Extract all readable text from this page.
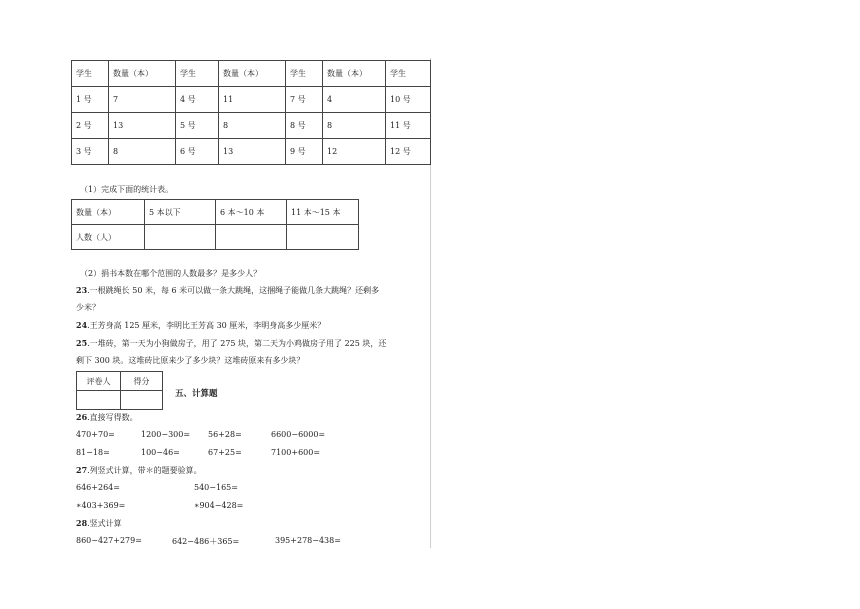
学生	数量（本）	学生	数量（本）	学生	数量（本）	学生
1 号	7	4 号	11	7 号	4	10 号
2 号	13	5 号	8	8 号	8	11 号
3 号	8	6 号	13	9 号	12	12 号
（1）完成下面的统计表。
数量（本）	5 本以下	6 本～10 本	11 本～15 本
人数（人）			
（2）捐书本数在哪个范围的人数最多？是多少人？
23.一根跳绳长 50 米，每 6 米可以做一条大跳绳，这捆绳子能做几条大跳绳？还剩多
少米？
24.王芳身高 125 厘米，李明比王芳高 30 厘米，李明身高多少厘米？
25.一堆砖，第一天为小狗做房子，用了 275 块，第二天为小鸡做房子用了 225 块，还
剩下 300 块。这堆砖比原来少了多少块？这堆砖原来有多少块？
评卷人	得分

五、计算题
26.直接写得数。
470+70=	1200−300= 56+28=	6600−6000=
81−18=	100−46=	67+25=	7100+600=
27.列竖式计算，带＊的题要验算。
646+264=	540−165=
∗403+369=	∗904−428=
28.竖式计算
860−427+279=	642−486＋365=	395+278−438=
